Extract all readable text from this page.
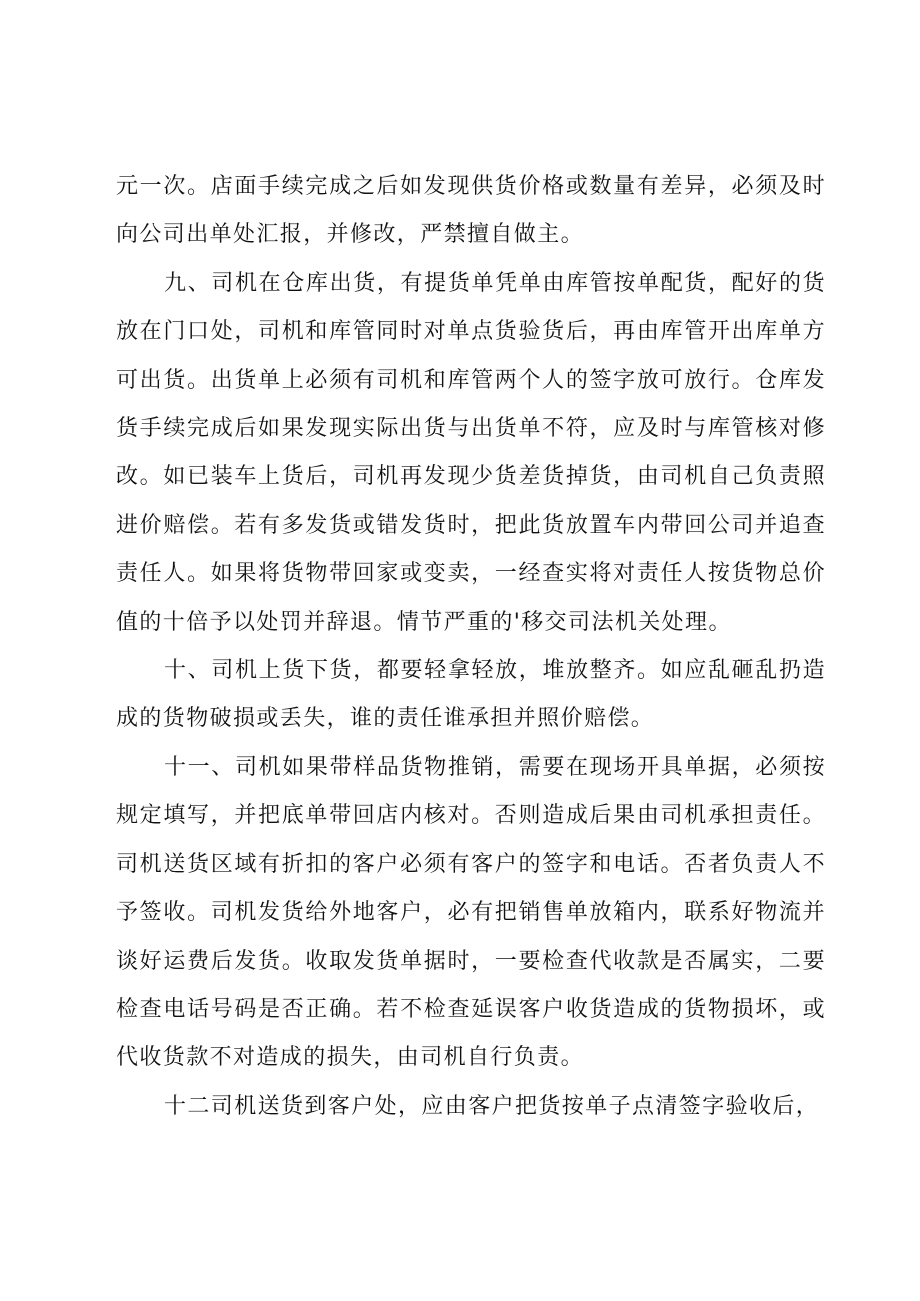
元一次。店面手续完成之后如发现供货价格或数量有差异，必须及时向公司出单处汇报，并修改，严禁擅自做主。

九、司机在仓库出货，有提货单凭单由库管按单配货，配好的货放在门口处，司机和库管同时对单点货验货后，再由库管开出库单方可出货。出货单上必须有司机和库管两个人的签字放可放行。仓库发货手续完成后如果发现实际出货与出货单不符，应及时与库管核对修改。如已装车上货后，司机再发现少货差货掉货，由司机自己负责照进价赔偿。若有多发货或错发货时，把此货放置车内带回公司并追查责任人。如果将货物带回家或变卖，一经查实将对责任人按货物总价值的十倍予以处罚并辞退。情节严重的'移交司法机关处理。

十、司机上货下货，都要轻拿轻放，堆放整齐。如应乱砸乱扔造成的货物破损或丢失，谁的责任谁承担并照价赔偿。

十一、司机如果带样品货物推销，需要在现场开具单据，必须按规定填写，并把底单带回店内核对。否则造成后果由司机承担责任。司机送货区域有折扣的客户必须有客户的签字和电话。否者负责人不予签收。司机发货给外地客户，必有把销售单放箱内，联系好物流并谈好运费后发货。收取发货单据时，一要检查代收款是否属实，二要检查电话号码是否正确。若不检查延误客户收货造成的货物损坏，或代收货款不对造成的损失，由司机自行负责。

十二司机送货到客户处，应由客户把货按单子点清签字验收后，
